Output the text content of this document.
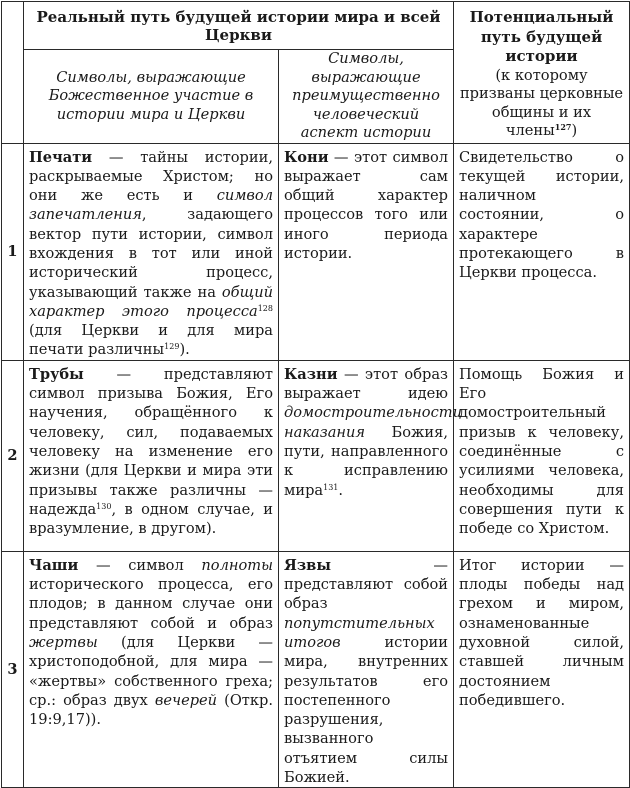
	Реальный путь будущей истории мира и всей Церкви		Потенциальный путь будущей истории
(к которому призваны церковные общины и их члены$^{127}$)
	Символы, выражающие Божественное участие в истории мира и Церкви	Символы, выражающие преимущественно человеческий аспект истории	
1	Печати — тайны истории, раскрываемые Христом; но они же есть и символ запечатления, задающего вектор пути истории, символ вхождения в тот или иной исторический процесс, указывающий также на общий характер этого процесса$^{128}$ (для Церкви и для мира печати различны$^{129}$).	Кони — этот символ выражает сам общий характер процессов того или иного периода истории.	Свидетельство о текущей истории, наличном состоянии, о характере протекающего в Церкви процесса.
2	Трубы — представляют символ призыва Божия, Его научения, обращённого к человеку, сил, подаваемых человеку на изменение его жизни (для Церкви и мира эти призывы также различны — надежда$^{130}$, в одном случае, и вразумление, в другом).	Казни — этот образ выражает идею домостроительности наказания Божия, пути, направленного к исправлению мира$^{131}$.	Помощь Божия и Его домостроительный призыв к человеку, соединённые с усилиями человека, необходимы для совершения пути к победе со Христом.
3	Чаши — символ полноты исторического процесса, его плодов; в данном случае они представляют собой и образ жертвы (для Церкви — христоподобной, для мира — «жертвы» собственного греха; ср.: образ двух вечерей (Откр. 19:9,17)).	Язвы — представляют собой образ попутстительных итогов истории мира, внутренних результатов его постепенного разрушения, вызванного отъятием силы Божией.	Итог истории — плоды победы над грехом и миром, ознаменованные духовной силой, ставшей личным достоянием победившего.
